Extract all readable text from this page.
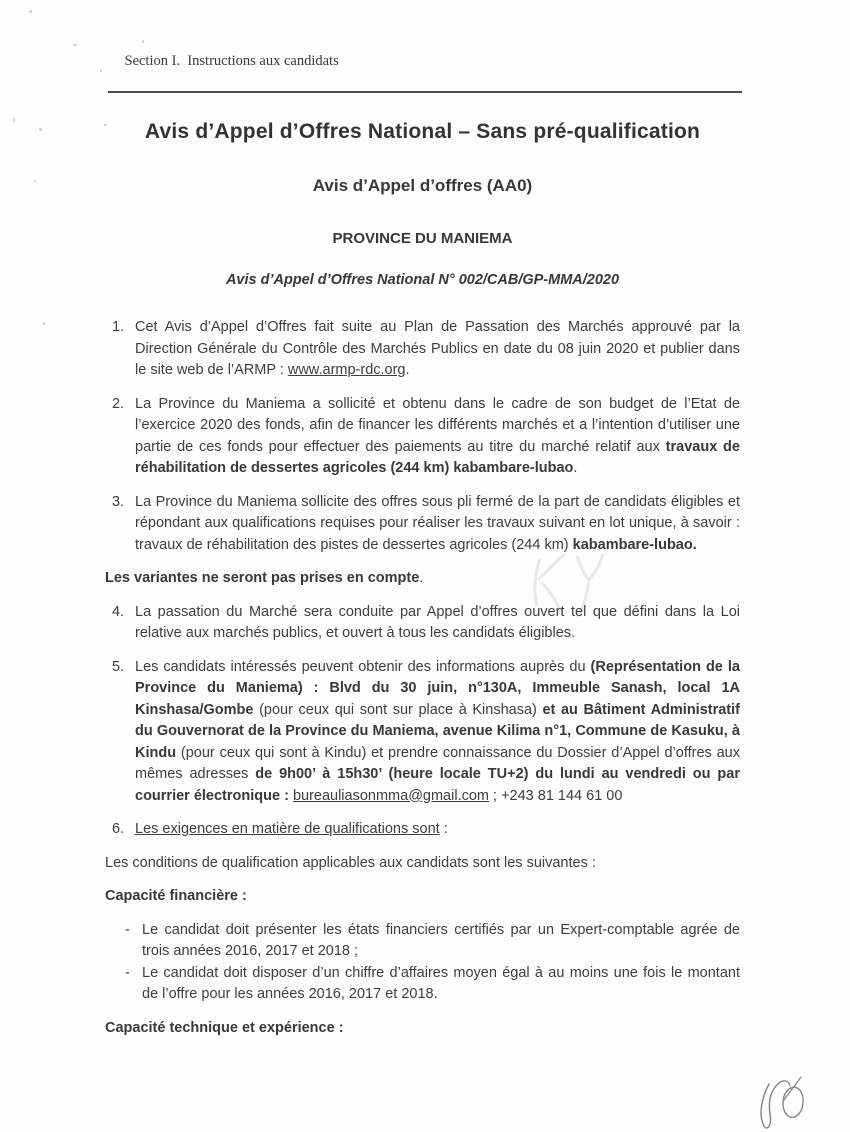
Section I.  Instructions aux candidats

Avis d’Appel d’Offres National – Sans pré-qualification
Avis d’Appel d’offres (AA0)
PROVINCE DU MANIEMA
Avis d’Appel d’Offres National N° 002/CAB/GP-MMA/2020
1. Cet Avis d’Appel d’Offres fait suite au Plan de Passation des Marchés approuvé par la Direction Générale du Contrôle des Marchés Publics en date du 08 juin 2020 et publier dans le site web de l’ARMP : www.armp-rdc.org.
2. La Province du Maniema a sollicité et obtenu dans le cadre de son budget de l’Etat de l’exercice 2020 des fonds, afin de financer les différents marchés et a l’intention d’utiliser une partie de ces fonds pour effectuer des paiements au titre du marché relatif aux travaux de réhabilitation de dessertes agricoles (244 km) kabambare-lubao.
3. La Province du Maniema sollicite des offres sous pli fermé de la part de candidats éligibles et répondant aux qualifications requises pour réaliser les travaux suivant en lot unique, à savoir : travaux de réhabilitation des pistes de dessertes agricoles (244 km) kabambare-lubao.
Les variantes ne seront pas prises en compte.
4. La passation du Marché sera conduite par Appel d’offres ouvert tel que défini dans la Loi relative aux marchés publics, et ouvert à tous les candidats éligibles.
5. Les candidats intéressés peuvent obtenir des informations auprès du (Représentation de la Province du Maniema) : Blvd du 30 juin, n°130A, Immeuble Sanash, local 1A Kinshasa/Gombe (pour ceux qui sont sur place à Kinshasa) et au Bâtiment Administratif du Gouvernorat de la Province du Maniema, avenue Kilima n°1, Commune de Kasuku, à Kindu (pour ceux qui sont à Kindu) et prendre connaissance du Dossier d’Appel d’offres aux mêmes adresses de 9h00’ à 15h30’ (heure locale TU+2) du lundi au vendredi ou par courrier électronique : bureauliasonmma@gmail.com ; +243 81 144 61 00
6. Les exigences en matière de qualifications sont :
Les conditions de qualification applicables aux candidats sont les suivantes :
Capacité financière :
- Le candidat doit présenter les états financiers certifiés par un Expert-comptable agrée de trois années 2016, 2017 et 2018 ;
- Le candidat doit disposer d’un chiffre d’affaires moyen égal à au moins une fois le montant de l’offre pour les années 2016, 2017 et 2018.
Capacité technique et expérience :
